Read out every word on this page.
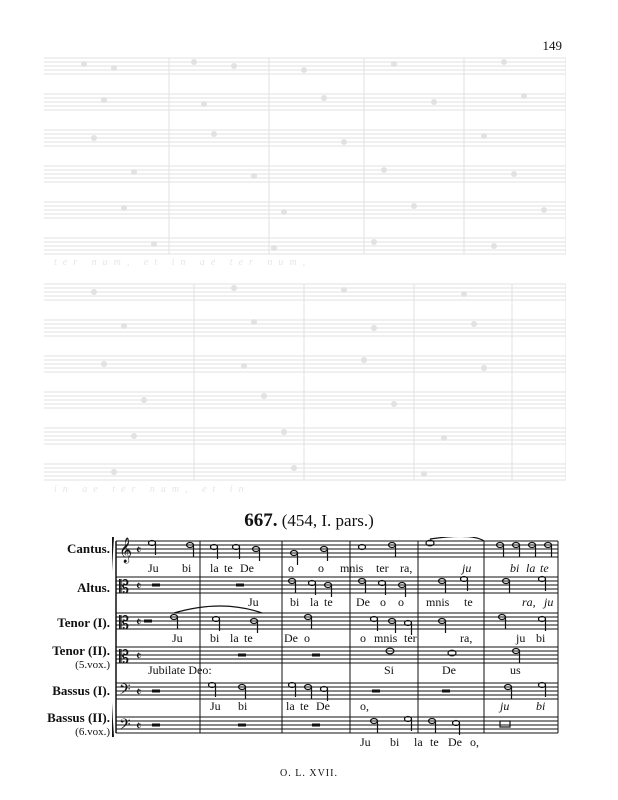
149
ter num, et in ae ter num,
in ae ter num, et in
667. (454, I. pars.)
Cantus.
Altus.
Tenor (I).
Tenor (II).
(5.vox.)
Bassus (I).
Bassus (II).
(6.vox.)
𝄞
𝄡
𝄡
𝄡
𝄢
𝄢
𝄵
𝄵
𝄵
𝄵
𝄵
𝄵
Ju bi la te De	o o mnis ter ra,	ju	bi la te
Ju	bi la te De o o mnis te	ra, ju
Ju bi la te	De o	o mnis ter	ra,	ju bi
Jubilate Deo:	Si	De	us
Ju bi	la te De	o,	ju bi
Ju bi la te De o,
O. L. XVII.
